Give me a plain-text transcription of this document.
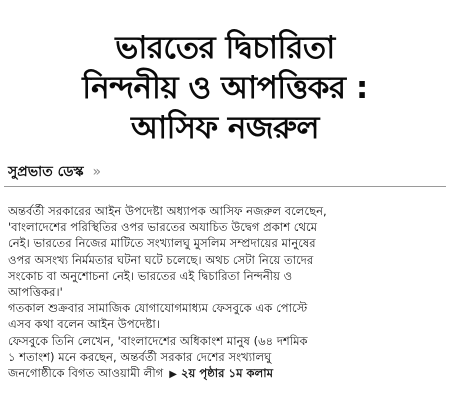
ভারতের দ্বিচারিতা
নিন্দনীয় ও আপত্তিকর :
আসিফ নজরুল
সুপ্রভাত ডেস্ক »
অন্তর্বর্তী সরকারের আইন উপদেষ্টা অধ্যাপক আসিফ নজরুল বলেছেন,
'বাংলাদেশের পরিস্থিতির ওপর ভারতের অযাচিত উদ্বেগ প্রকাশ থেমে
নেই। ভারতের নিজের মাটিতে সংখ্যালঘু মুসলিম সম্প্রদায়ের মানুষের
ওপর অসংখ্য নির্মমতার ঘটনা ঘটে চলেছে। অথচ সেটা নিয়ে তাদের
সংকোচ বা অনুশোচনা নেই। ভারতের এই দ্বিচারিতা নিন্দনীয় ও
আপত্তিকর।'
গতকাল শুক্রবার সামাজিক যোগাযোগমাধ্যম ফেসবুকে এক পোস্টে
এসব কথা বলেন আইন উপদেষ্টা।
ফেসবুকে তিনি লেখেন, 'বাংলাদেশের অধিকাংশ মানুষ (৬৪ দশমিক
১ শতাংশ) মনে করছেন, অন্তর্বর্তী সরকার দেশের সংখ্যালঘু
জনগোষ্ঠীকে বিগত আওয়ামী লীগ ▶ ২য় পৃষ্ঠার ১ম কলাম
